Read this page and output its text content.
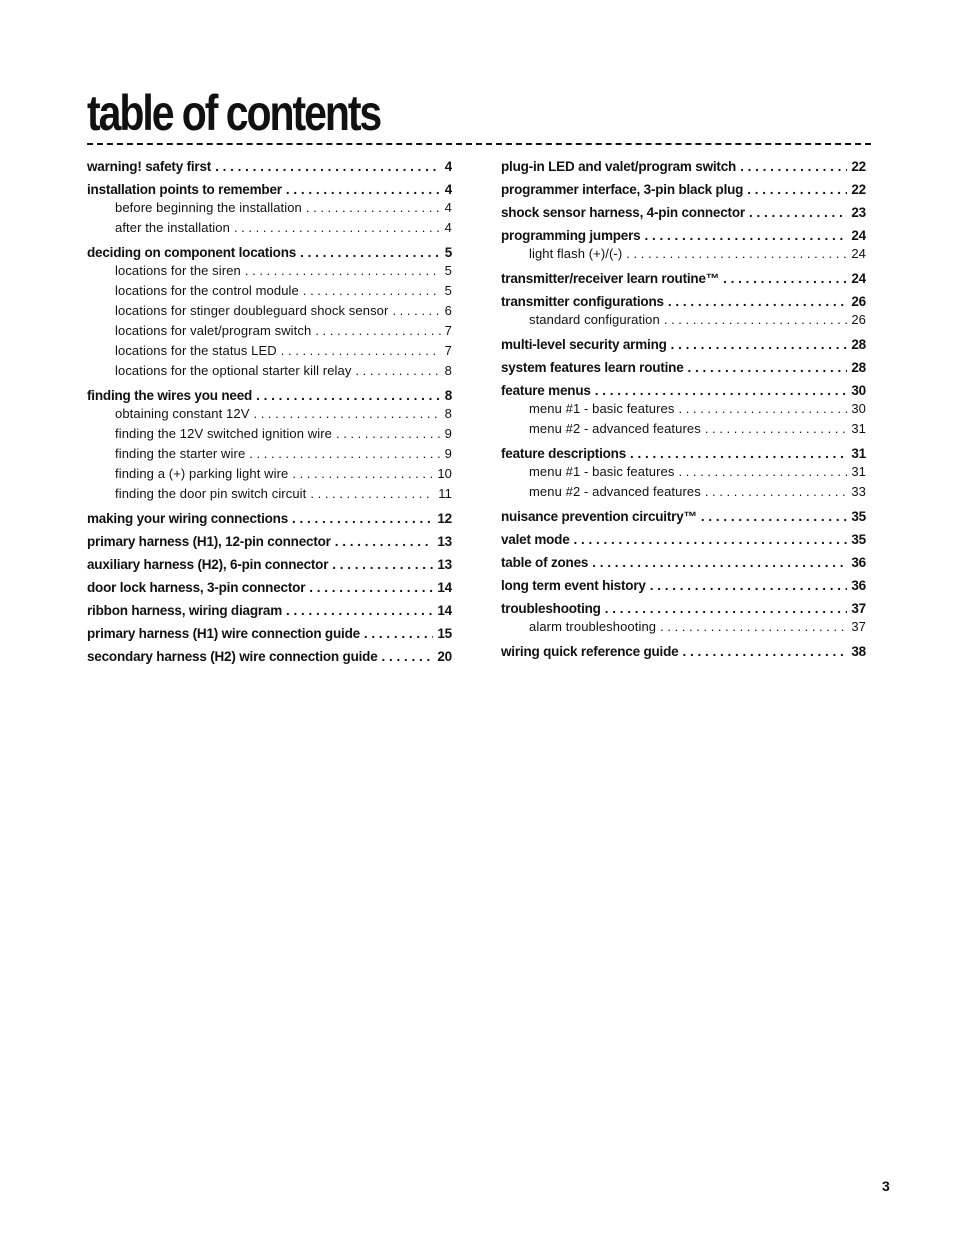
table of contents
warning! safety first . . .	4
installation points to remember . . .	4
before beginning the installation . . .	4
after the installation . . .	4
deciding on component locations . . .	5
locations for the siren . . .	5
locations for the control module . . .	5
locations for stinger doubleguard shock sensor . . .	6
locations for valet/program switch . . .	7
locations for the status LED . . .	7
locations for the optional starter kill relay . . .	8
finding the wires you need . . .	8
obtaining constant 12V . . .	8
finding the 12V switched ignition wire . . .	9
finding the starter wire . . .	9
finding a (+) parking light wire . . .	10
finding the door pin switch circuit . . .	11
making your wiring connections . . .	12
primary harness (H1), 12-pin connector . . .	13
auxiliary harness (H2), 6-pin connector . . .	13
door lock harness, 3-pin connector . . .	14
ribbon harness, wiring diagram . . .	14
primary harness (H1) wire connection guide . . .	15
secondary harness (H2) wire connection guide . . .	20
plug-in LED and valet/program switch . . .	22
programmer interface, 3-pin black plug . . .	22
shock sensor harness, 4-pin connector . . .	23
programming jumpers . . .	24
light flash (+)/(-) . . .	24
transmitter/receiver learn routine™ . . .	24
transmitter configurations . . .	26
standard configuration . . .	26
multi-level security arming . . .	28
system features learn routine . . .	28
feature menus . . .	30
menu #1 - basic features . . .	30
menu #2 - advanced features . . .	31
feature descriptions . . .	31
menu #1 - basic features . . .	31
menu #2 - advanced features . . .	33
nuisance prevention circuitry™ . . .	35
valet mode . . .	35
table of zones . . .	36
long term event history . . .	36
troubleshooting . . .	37
alarm troubleshooting . . .	37
wiring quick reference guide . . .	38
3
